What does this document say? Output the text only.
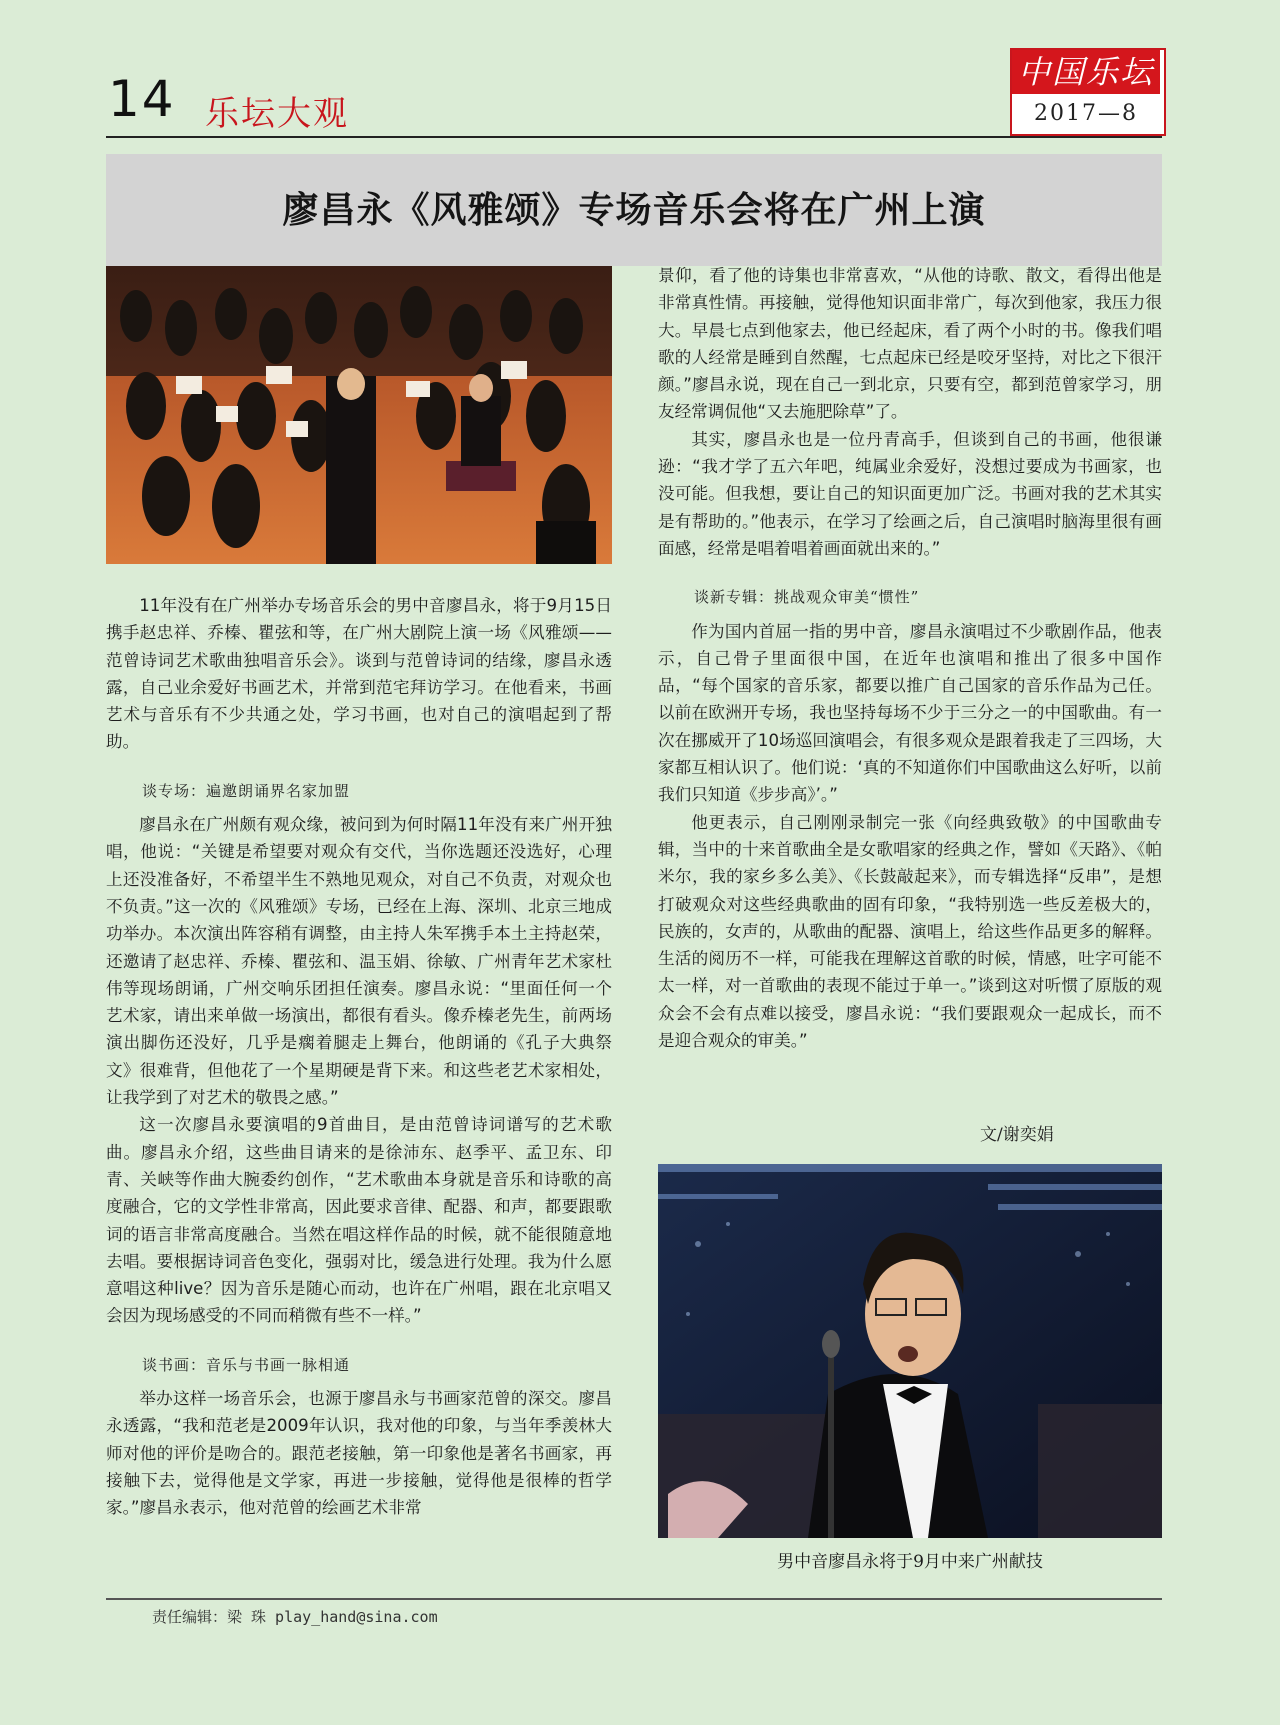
14 乐坛大观
中国乐坛
2017—8
廖昌永《风雅颂》专场音乐会将在广州上演

11年没有在广州举办专场音乐会的男中音廖昌永，将于9月15日携手赵忠祥、乔榛、瞿弦和等，在广州大剧院上演一场《风雅颂——范曾诗词艺术歌曲独唱音乐会》。谈到与范曾诗词的结缘，廖昌永透露，自己业余爱好书画艺术，并常到范宅拜访学习。在他看来，书画艺术与音乐有不少共通之处，学习书画，也对自己的演唱起到了帮助。

谈专场：遍邀朗诵界名家加盟

廖昌永在广州颇有观众缘，被问到为何时隔11年没有来广州开独唱，他说：“关键是希望要对观众有交代，当你选题还没选好，心理上还没准备好，不希望半生不熟地见观众，对自己不负责，对观众也不负责。”这一次的《风雅颂》专场，已经在上海、深圳、北京三地成功举办。本次演出阵容稍有调整，由主持人朱军携手本土主持赵荣，还邀请了赵忠祥、乔榛、瞿弦和、温玉娟、徐敏、广州青年艺术家杜伟等现场朗诵，广州交响乐团担任演奏。廖昌永说：“里面任何一个艺术家，请出来单做一场演出，都很有看头。像乔榛老先生，前两场演出脚伤还没好，几乎是瘸着腿走上舞台，他朗诵的《孔子大典祭文》很难背，但他花了一个星期硬是背下来。和这些老艺术家相处，让我学到了对艺术的敬畏之感。”

这一次廖昌永要演唱的9首曲目，是由范曾诗词谱写的艺术歌曲。廖昌永介绍，这些曲目请来的是徐沛东、赵季平、孟卫东、印青、关峡等作曲大腕委约创作，“艺术歌曲本身就是音乐和诗歌的高度融合，它的文学性非常高，因此要求音律、配器、和声，都要跟歌词的语言非常高度融合。当然在唱这样作品的时候，就不能很随意地去唱。要根据诗词音色变化，强弱对比，缓急进行处理。我为什么愿意唱这种live？因为音乐是随心而动，也许在广州唱，跟在北京唱又会因为现场感受的不同而稍微有些不一样。”

谈书画：音乐与书画一脉相通

举办这样一场音乐会，也源于廖昌永与书画家范曾的深交。廖昌永透露，“我和范老是2009年认识，我对他的印象，与当年季羡林大师对他的评价是吻合的。跟范老接触，第一印象他是著名书画家，再接触下去，觉得他是文学家，再进一步接触，觉得他是很棒的哲学家。”廖昌永表示，他对范曾的绘画艺术非常

景仰，看了他的诗集也非常喜欢，“从他的诗歌、散文，看得出他是非常真性情。再接触，觉得他知识面非常广，每次到他家，我压力很大。早晨七点到他家去，他已经起床，看了两个小时的书。像我们唱歌的人经常是睡到自然醒，七点起床已经是咬牙坚持，对比之下很汗颜。”廖昌永说，现在自己一到北京，只要有空，都到范曾家学习，朋友经常调侃他“又去施肥除草”了。

其实，廖昌永也是一位丹青高手，但谈到自己的书画，他很谦逊：“我才学了五六年吧，纯属业余爱好，没想过要成为书画家，也没可能。但我想，要让自己的知识面更加广泛。书画对我的艺术其实是有帮助的。”他表示，在学习了绘画之后，自己演唱时脑海里很有画面感，经常是唱着唱着画面就出来的。”

谈新专辑：挑战观众审美“惯性”

作为国内首屈一指的男中音，廖昌永演唱过不少歌剧作品，他表示，自己骨子里面很中国，在近年也演唱和推出了很多中国作品，“每个国家的音乐家，都要以推广自己国家的音乐作品为己任。以前在欧洲开专场，我也坚持每场不少于三分之一的中国歌曲。有一次在挪威开了10场巡回演唱会，有很多观众是跟着我走了三四场，大家都互相认识了。他们说：‘真的不知道你们中国歌曲这么好听，以前我们只知道《步步高》’。”

他更表示，自己刚刚录制完一张《向经典致敬》的中国歌曲专辑，当中的十来首歌曲全是女歌唱家的经典之作，譬如《天路》、《帕米尔，我的家乡多么美》、《长鼓敲起来》，而专辑选择“反串”，是想打破观众对这些经典歌曲的固有印象，“我特别选一些反差极大的，民族的，女声的，从歌曲的配器、演唱上，给这些作品更多的解释。生活的阅历不一样，可能我在理解这首歌的时候，情感，吐字可能不太一样，对一首歌曲的表现不能过于单一。”谈到这对听惯了原版的观众会不会有点难以接受，廖昌永说：“我们要跟观众一起成长，而不是迎合观众的审美。”

文/谢奕娟
男中音廖昌永将于9月中来广州献技
责任编辑：梁 珠 play_hand@sina.com
